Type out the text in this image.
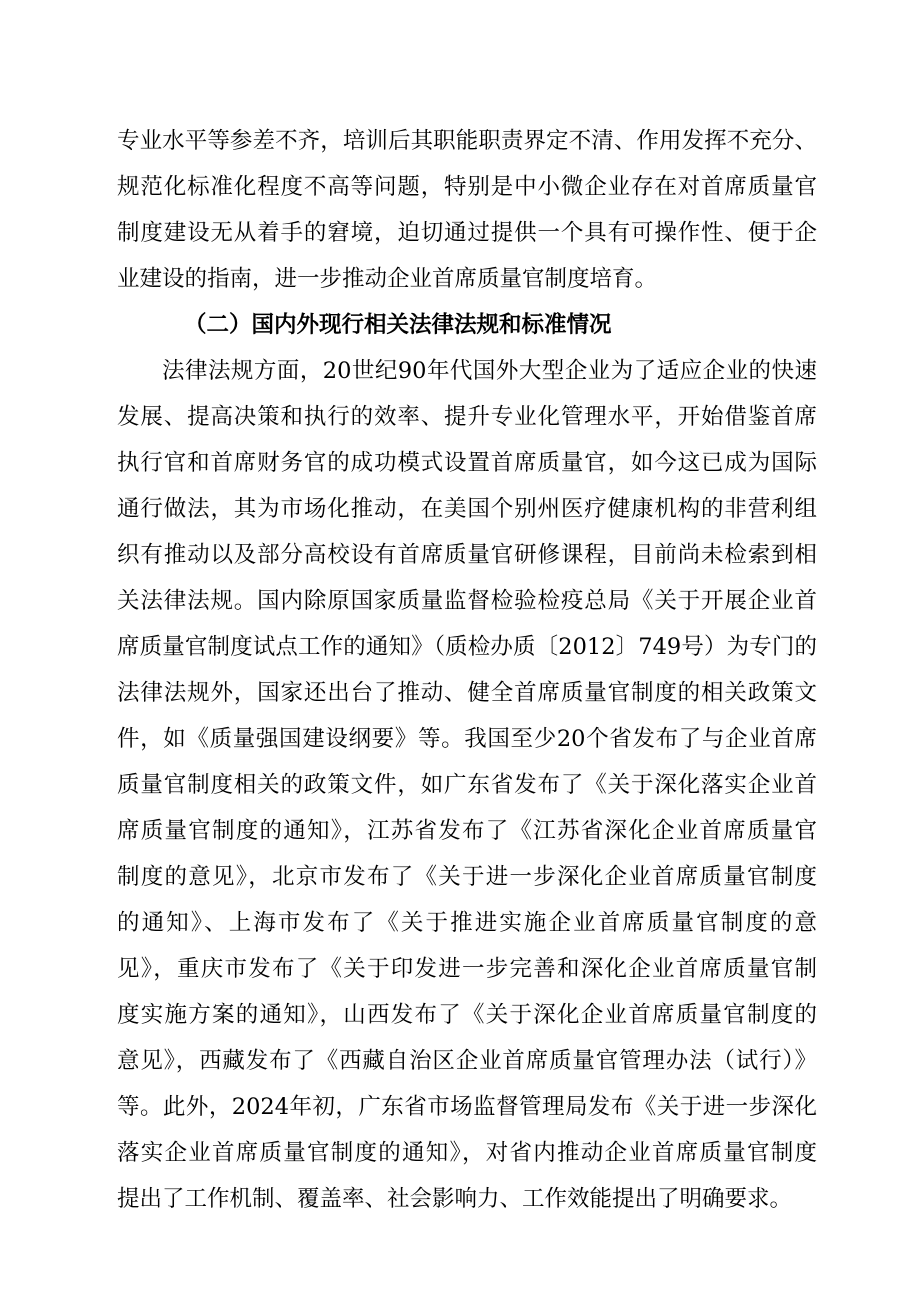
专业水平等参差不齐，培训后其职能职责界定不清、作用发挥不充分、
规范化标准化程度不高等问题，特别是中小微企业存在对首席质量官
制度建设无从着手的窘境，迫切通过提供一个具有可操作性、便于企
业建设的指南，进一步推动企业首席质量官制度培育。
（二）国内外现行相关法律法规和标准情况
法律法规方面，20世纪90年代国外大型企业为了适应企业的快速
发展、提高决策和执行的效率、提升专业化管理水平，开始借鉴首席
执行官和首席财务官的成功模式设置首席质量官，如今这已成为国际
通行做法，其为市场化推动，在美国个别州医疗健康机构的非营利组
织有推动以及部分高校设有首席质量官研修课程，目前尚未检索到相
关法律法规。国内除原国家质量监督检验检疫总局《关于开展企业首
席质量官制度试点工作的通知》（质检办质〔2012〕749号）为专门的
法律法规外，国家还出台了推动、健全首席质量官制度的相关政策文
件，如《质量强国建设纲要》等。我国至少20个省发布了与企业首席
质量官制度相关的政策文件，如广东省发布了《关于深化落实企业首
席质量官制度的通知》，江苏省发布了《江苏省深化企业首席质量官
制度的意见》，北京市发布了《关于进一步深化企业首席质量官制度
的通知》、上海市发布了《关于推进实施企业首席质量官制度的意
见》，重庆市发布了《关于印发进一步完善和深化企业首席质量官制
度实施方案的通知》，山西发布了《关于深化企业首席质量官制度的
意见》，西藏发布了《西藏自治区企业首席质量官管理办法（试行）》
等。此外，2024年初，广东省市场监督管理局发布《关于进一步深化
落实企业首席质量官制度的通知》，对省内推动企业首席质量官制度
提出了工作机制、覆盖率、社会影响力、工作效能提出了明确要求。
